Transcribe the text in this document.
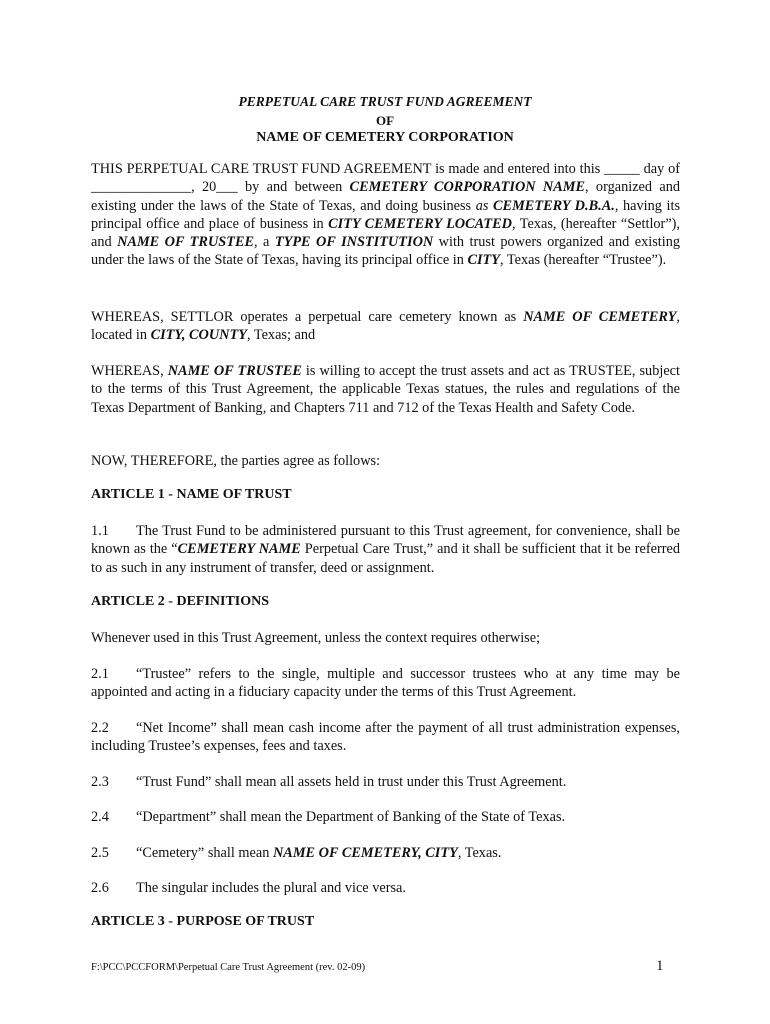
PERPETUAL CARE TRUST FUND AGREEMENT
OF
NAME OF CEMETERY CORPORATION
THIS PERPETUAL CARE TRUST FUND AGREEMENT is made and entered into this _____ day of ______________, 20___ by and between CEMETERY CORPORATION NAME, organized and existing under the laws of the State of Texas, and doing business as CEMETERY D.B.A., having its principal office and place of business in CITY CEMETERY LOCATED, Texas, (hereafter “Settlor”), and NAME OF TRUSTEE, a TYPE OF INSTITUTION with trust powers organized and existing under the laws of the State of Texas, having its principal office in CITY, Texas (hereafter “Trustee”).
WHEREAS, SETTLOR operates a perpetual care cemetery known as NAME OF CEMETERY, located in CITY, COUNTY, Texas; and
WHEREAS, NAME OF TRUSTEE is willing to accept the trust assets and act as TRUSTEE, subject to the terms of this Trust Agreement, the applicable Texas statues, the rules and regulations of the Texas Department of Banking, and Chapters 711 and 712 of the Texas Health and Safety Code.
NOW, THEREFORE, the parties agree as follows:
ARTICLE 1 - NAME OF TRUST
1.1 The Trust Fund to be administered pursuant to this Trust agreement, for convenience, shall be known as the “CEMETERY NAME Perpetual Care Trust,” and it shall be sufficient that it be referred to as such in any instrument of transfer, deed or assignment.
ARTICLE 2 - DEFINITIONS
Whenever used in this Trust Agreement, unless the context requires otherwise;
2.1 “Trustee” refers to the single, multiple and successor trustees who at any time may be appointed and acting in a fiduciary capacity under the terms of this Trust Agreement.
2.2 “Net Income” shall mean cash income after the payment of all trust administration expenses, including Trustee’s expenses, fees and taxes.
2.3 “Trust Fund” shall mean all assets held in trust under this Trust Agreement.
2.4 “Department” shall mean the Department of Banking of the State of Texas.
2.5 “Cemetery” shall mean NAME OF CEMETERY, CITY, Texas.
2.6 The singular includes the plural and vice versa.
ARTICLE 3 - PURPOSE OF TRUST
F:\PCC\PCCFORM\Perpetual Care Trust Agreement (rev. 02-09)	1
